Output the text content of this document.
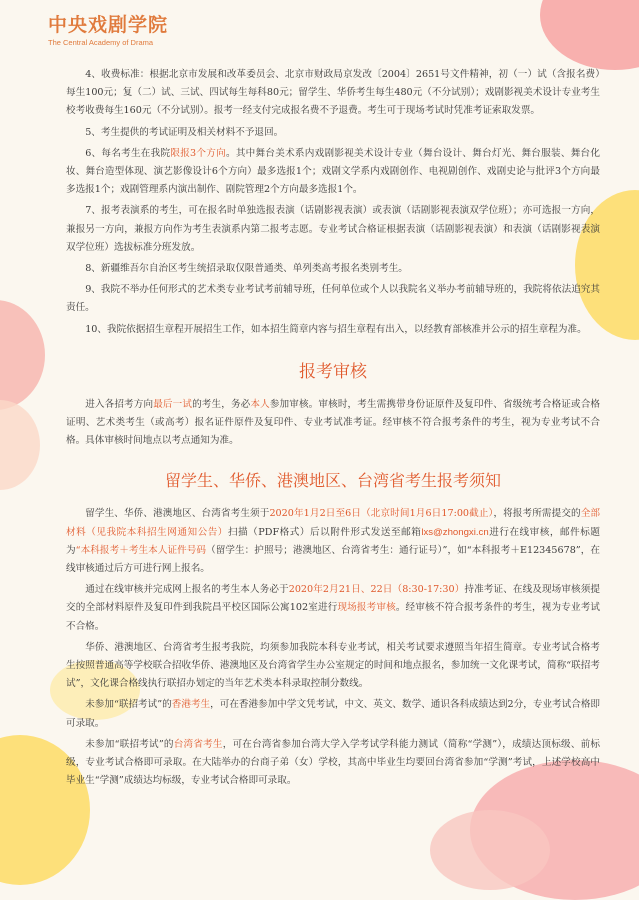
中央戏剧学院
The Central Academy of Drama

4、收费标准：根据北京市发展和改革委员会、北京市财政局京发改〔2004〕2651号文件精神，初（一）试（含报名费）每生100元；复（二）试、三试、四试每生每科80元；留学生、华侨考生每生480元（不分试别）；戏剧影视美术设计专业考生校考收费每生160元（不分试别）。报考一经支付完成报名费不予退费。考生可于现场考试时凭准考证索取发票。

5、考生提供的考试证明及相关材料不予退回。

6、每名考生在我院限报3个方向。其中舞台美术系内戏剧影视美术设计专业（舞台设计、舞台灯光、舞台服装、舞台化妆、舞台造型体现、演艺影像设计6个方向）最多选报1个；戏剧文学系内戏剧创作、电视剧创作、戏剧史论与批评3个方向最多选报1个；戏剧管理系内演出制作、剧院管理2个方向最多选报1个。

7、报考表演系的考生，可在报名时单独选报表演（话剧影视表演）或表演（话剧影视表演双学位班）；亦可选报一方向，兼报另一方向，兼报方向作为考生表演系内第二报考志愿。专业考试合格证根据表演（话剧影视表演）和表演（话剧影视表演双学位班）选拔标准分班发放。

8、新疆维吾尔自治区考生统招录取仅限普通类、单列类高考报名类别考生。

9、我院不举办任何形式的艺术类专业考试考前辅导班，任何单位或个人以我院名义举办考前辅导班的，我院将依法追究其责任。

10、我院依据招生章程开展招生工作，如本招生简章内容与招生章程有出入，以经教育部核准并公示的招生章程为准。

报考审核

进入各招考方向最后一试的考生，务必本人参加审核。审核时，考生需携带身份证原件及复印件、省级统考合格证或合格证明、艺术类考生（或高考）报名证件原件及复印件、专业考试准考证。经审核不符合报考条件的考生，视为专业考试不合格。具体审核时间地点以考点通知为准。

留学生、华侨、港澳地区、台湾省考生报考须知

留学生、华侨、港澳地区、台湾省考生须于2020年1月2日至6日（北京时间1月6日17:00截止），将报考所需提交的全部材料（见我院本科招生网通知公告）扫描（PDF格式）后以附件形式发送至邮箱lxs@zhongxi.cn进行在线审核，邮件标题为“本科报考＋考生本人证件号码（留学生：护照号；港澳地区、台湾省考生：通行证号）”，如“本科报考＋E12345678”，在线审核通过后方可进行网上报名。

通过在线审核并完成网上报名的考生本人务必于2020年2月21日、22日（8:30-17:30）持准考证、在线及现场审核须提交的全部材料原件及复印件到我院昌平校区国际公寓102室进行现场报考审核。经审核不符合报考条件的考生，视为专业考试不合格。

华侨、港澳地区、台湾省考生报考我院，均须参加我院本科专业考试，相关考试要求遵照当年招生简章。专业考试合格考生按照普通高等学校联合招收华侨、港澳地区及台湾省学生办公室规定的时间和地点报名，参加统一文化课考试，简称“联招考试”，文化课合格线执行联招办划定的当年艺术类本科录取控制分数线。

未参加“联招考试”的香港考生，可在香港参加中学文凭考试，中文、英文、数学、通识各科成绩达到2分，专业考试合格即可录取。

未参加“联招考试”的台湾省考生，可在台湾省参加台湾大学入学考试学科能力测试（简称“学测”），成绩达顶标级、前标级，专业考试合格即可录取。在大陆举办的台商子弟（女）学校，其高中毕业生均要回台湾省参加“学测”考试，上述学校高中毕业生“学测”成绩达均标级，专业考试合格即可录取。
